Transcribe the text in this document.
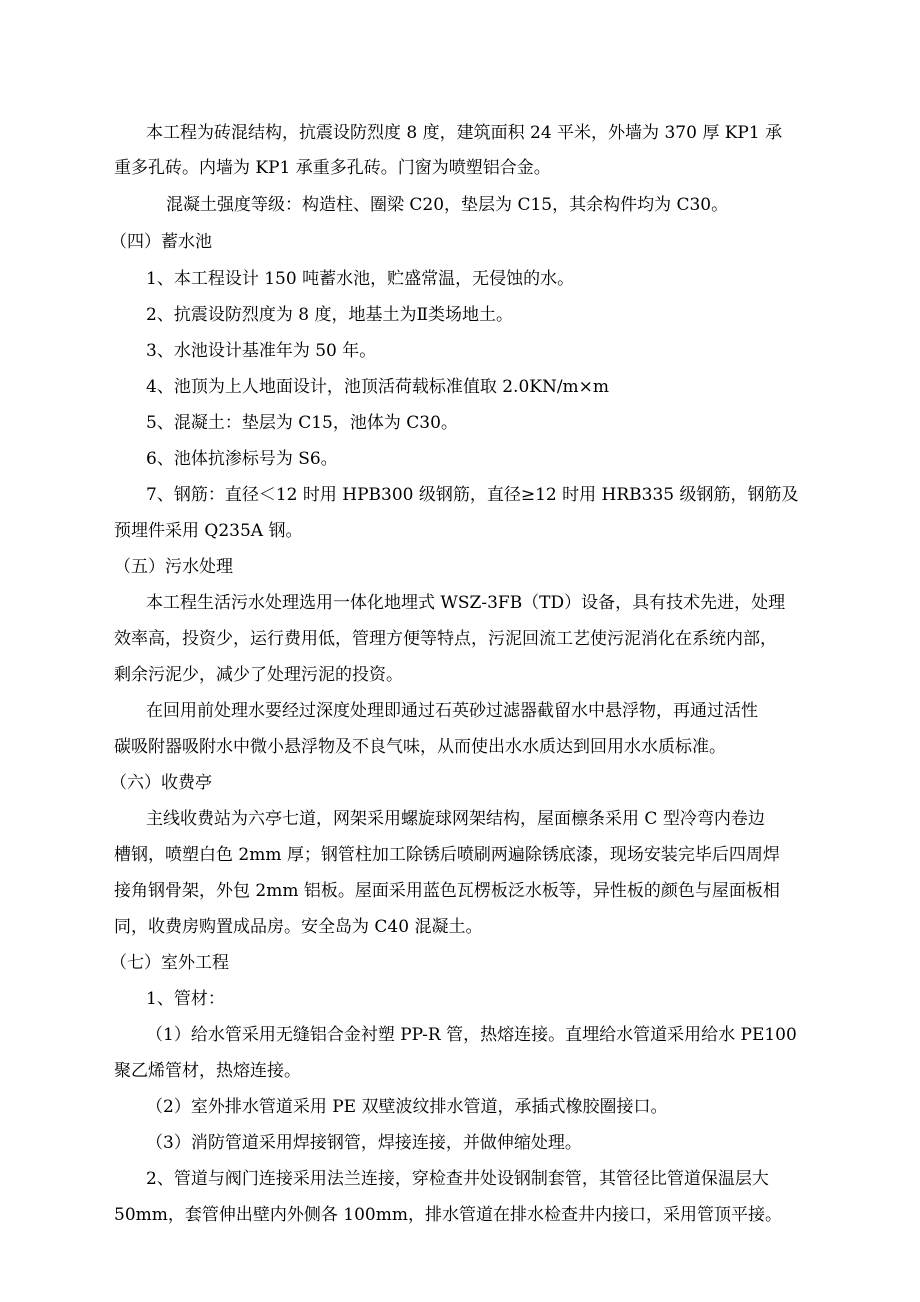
本工程为砖混结构，抗震设防烈度 8 度，建筑面积 24 平米，外墙为 370 厚 KP1 承
重多孔砖。内墙为 KP1 承重多孔砖。门窗为喷塑铝合金。
混凝土强度等级：构造柱、圈梁 C20，垫层为 C15，其余构件均为 C30。
（四）蓄水池
1、本工程设计 150 吨蓄水池，贮盛常温，无侵蚀的水。
2、抗震设防烈度为 8 度，地基土为Ⅱ类场地土。
3、水池设计基准年为 50 年。
4、池顶为上人地面设计，池顶活荷载标准值取 2.0KN/m×m
5、混凝土：垫层为 C15，池体为 C30。
6、池体抗渗标号为 S6。
7、钢筋：直径＜12 时用 HPB300 级钢筋，直径≥12 时用 HRB335 级钢筋，钢筋及
预埋件采用 Q235A 钢。
（五）污水处理
本工程生活污水处理选用一体化地埋式 WSZ-3FB（TD）设备，具有技术先进，处理
效率高，投资少，运行费用低，管理方便等特点，污泥回流工艺使污泥消化在系统内部，
剩余污泥少，减少了处理污泥的投资。
在回用前处理水要经过深度处理即通过石英砂过滤器截留水中悬浮物，再通过活性
碳吸附器吸附水中微小悬浮物及不良气味，从而使出水水质达到回用水水质标准。
（六）收费亭
主线收费站为六亭七道，网架采用螺旋球网架结构，屋面檩条采用 C 型冷弯内卷边
槽钢，喷塑白色 2mm 厚；钢管柱加工除锈后喷刷两遍除锈底漆，现场安装完毕后四周焊
接角钢骨架，外包 2mm 铝板。屋面采用蓝色瓦楞板泛水板等，异性板的颜色与屋面板相
同，收费房购置成品房。安全岛为 C40 混凝土。
（七）室外工程
1、管材：
（1）给水管采用无缝铝合金衬塑 PP-R 管，热熔连接。直埋给水管道采用给水 PE100
聚乙烯管材，热熔连接。
（2）室外排水管道采用 PE 双壁波纹排水管道，承插式橡胶圈接口。
（3）消防管道采用焊接钢管，焊接连接，并做伸缩处理。
2、管道与阀门连接采用法兰连接，穿检查井处设钢制套管，其管径比管道保温层大
50mm，套管伸出壁内外侧各 100mm，排水管道在排水检查井内接口，采用管顶平接。
